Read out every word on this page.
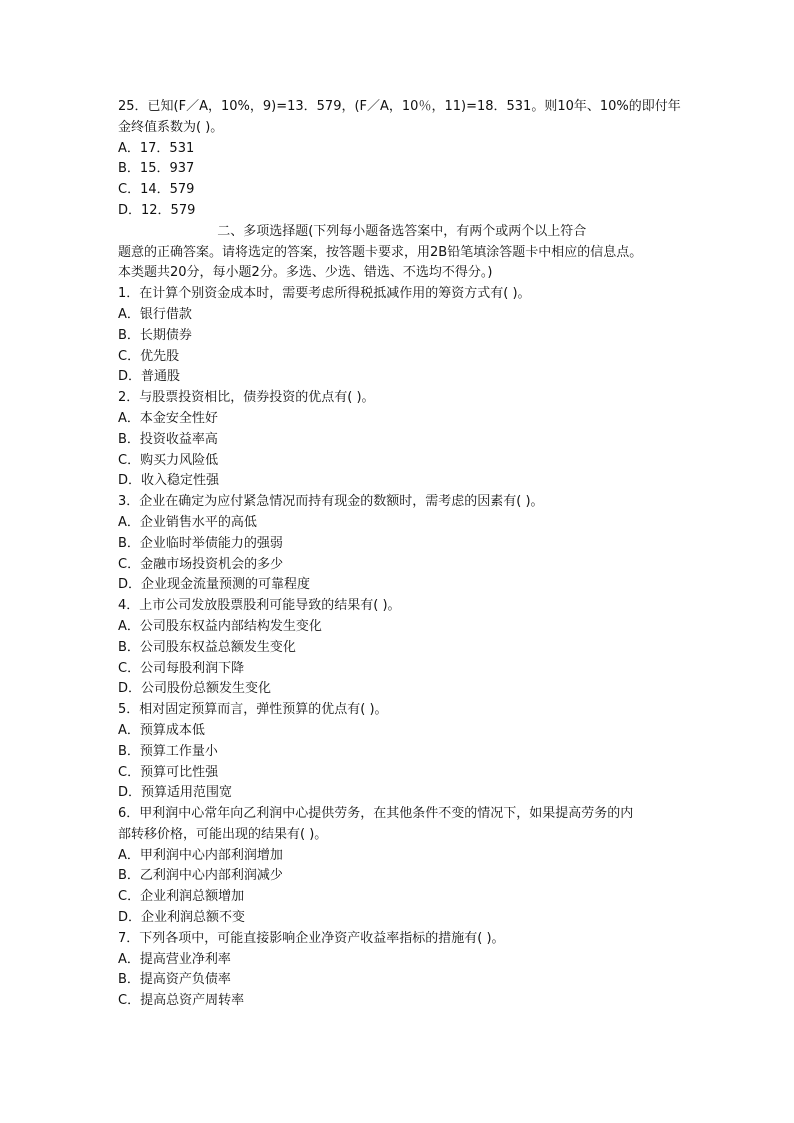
25．已知(F／A，10%，9)=13．579，(F／A，10％，11)=18．531。则10年、10%的即付年
金终值系数为( )。
A．17．531
B．15．937
C．14．579
D．12．579
二、多项选择题(下列每小题备选答案中，有两个或两个以上符合
题意的正确答案。请将选定的答案，按答题卡要求，用2B铅笔填涂答题卡中相应的信息点。
本类题共20分，每小题2分。多选、少选、错选、不选均不得分。)
1．在计算个别资金成本时，需要考虑所得税抵减作用的筹资方式有( )。
A．银行借款
B．长期债券
C．优先股
D．普通股
2．与股票投资相比，债券投资的优点有( )。
A．本金安全性好
B．投资收益率高
C．购买力风险低
D．收入稳定性强
3．企业在确定为应付紧急情况而持有现金的数额时，需考虑的因素有( )。
A．企业销售水平的高低
B．企业临时举债能力的强弱
C．金融市场投资机会的多少
D．企业现金流量预测的可靠程度
4．上市公司发放股票股利可能导致的结果有( )。
A．公司股东权益内部结构发生变化
B．公司股东权益总额发生变化
C．公司每股利润下降
D．公司股份总额发生变化
5．相对固定预算而言，弹性预算的优点有( )。
A．预算成本低
B．预算工作量小
C．预算可比性强
D．预算适用范围宽
6．甲利润中心常年向乙利润中心提供劳务，在其他条件不变的情况下，如果提高劳务的内
部转移价格，可能出现的结果有( )。
A．甲利润中心内部利润增加
B．乙利润中心内部利润减少
C．企业利润总额增加
D．企业利润总额不变
7．下列各项中，可能直接影响企业净资产收益率指标的措施有( )。
A．提高营业净利率
B．提高资产负债率
C．提高总资产周转率
